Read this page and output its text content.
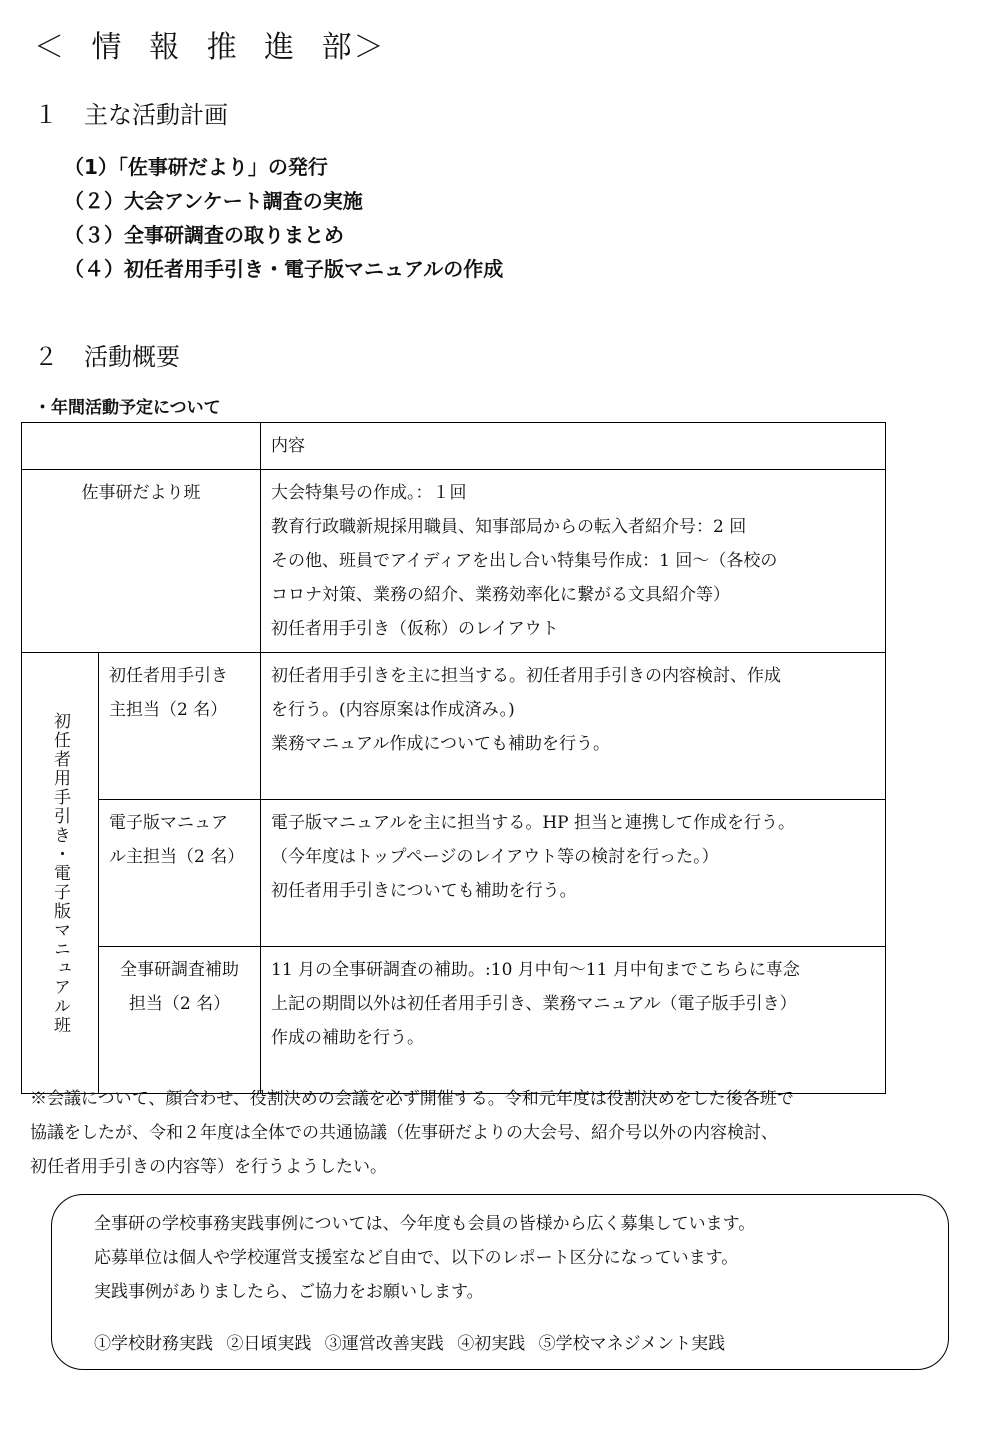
＜ 情 報 推 進 部＞
１ 主な活動計画
（1）「佐事研だより」の発行
（２）大会アンケート調査の実施
（３）全事研調査の取りまとめ
（４）初任者用手引き・電子版マニュアルの作成
２ 活動概要
・年間活動予定について
		内容
佐事研だより班		大会特集号の作成。：１回
教育行政職新規採用職員、知事部局からの転入者紹介号：2 回
その他、班員でアイディアを出し合い特集号作成：1 回～（各校の
コロナ対策、業務の紹介、業務効率化に繋がる文具紹介等）
初任者用手引き（仮称）のレイアウト

初任者用手引き・電子版マニュアル班	初任者用手引き
主担当（2 名）	初任者用手引きを主に担当する。初任者用手引きの内容検討、作成
を行う。(内容原案は作成済み。)
業務マニュアル作成についても補助を行う。

	電子版マニュア
ル主担当（2 名）	電子版マニュアルを主に担当する。HP 担当と連携して作成を行う。
（今年度はトップページのレイアウト等の検討を行った。）
初任者用手引きについても補助を行う。

	全事研調査補助
担当（2 名）	11 月の全事研調査の補助。:10 月中旬～11 月中旬までこちらに専念
上記の期間以外は初任者用手引き、業務マニュアル（電子版手引き）
作成の補助を行う。
※会議について、顔合わせ、役割決めの会議を必ず開催する。令和元年度は役割決めをした後各班で
協議をしたが、令和２年度は全体での共通協議（佐事研だよりの大会号、紹介号以外の内容検討、
初任者用手引きの内容等）を行うようしたい。
全事研の学校事務実践事例については、今年度も会員の皆様から広く募集しています。
応募単位は個人や学校運営支援室など自由で、以下のレポート区分になっています。
実践事例がありましたら、ご協力をお願いします。
①学校財務実践 ②日頃実践 ③運営改善実践 ④初実践 ⑤学校マネジメント実践
